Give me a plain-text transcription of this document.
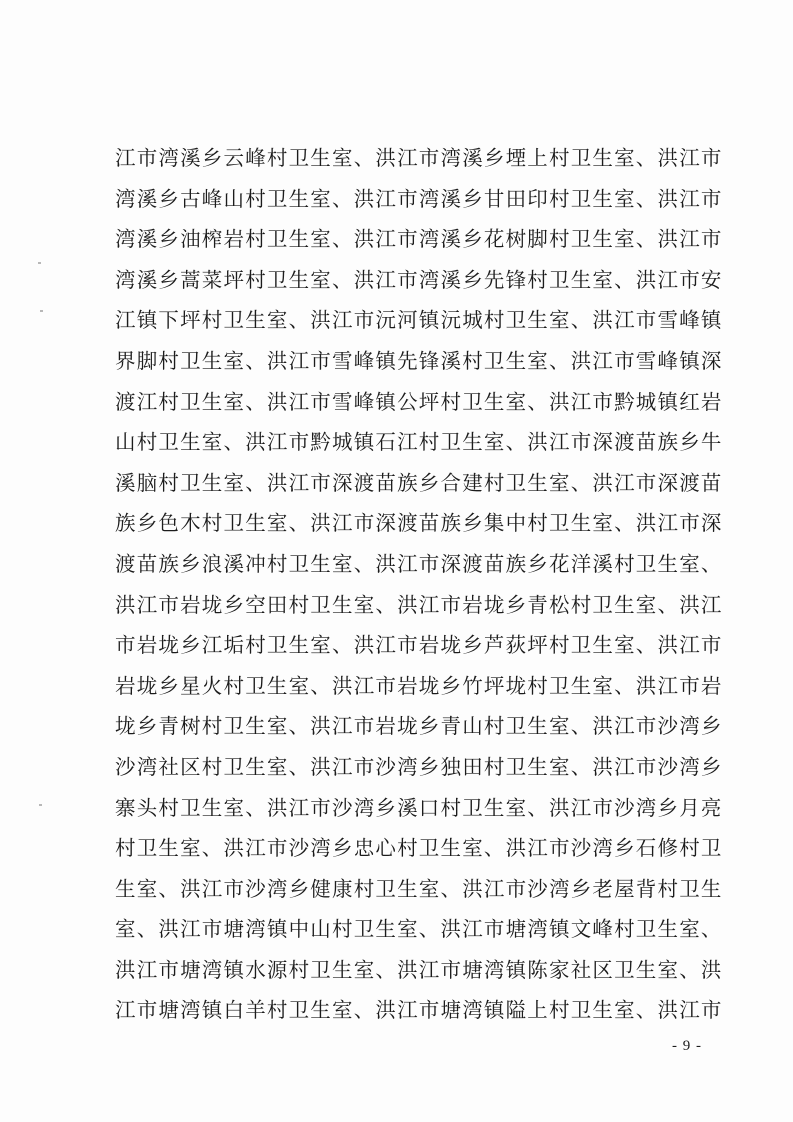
江市湾溪乡云峰村卫生室、洪江市湾溪乡堙上村卫生室、洪江市
湾溪乡古峰山村卫生室、洪江市湾溪乡甘田印村卫生室、洪江市
湾溪乡油榨岩村卫生室、洪江市湾溪乡花树脚村卫生室、洪江市
湾溪乡蒿菜坪村卫生室、洪江市湾溪乡先锋村卫生室、洪江市安
江镇下坪村卫生室、洪江市沅河镇沅城村卫生室、洪江市雪峰镇
界脚村卫生室、洪江市雪峰镇先锋溪村卫生室、洪江市雪峰镇深
渡江村卫生室、洪江市雪峰镇公坪村卫生室、洪江市黔城镇红岩
山村卫生室、洪江市黔城镇石江村卫生室、洪江市深渡苗族乡牛
溪脑村卫生室、洪江市深渡苗族乡合建村卫生室、洪江市深渡苗
族乡色木村卫生室、洪江市深渡苗族乡集中村卫生室、洪江市深
渡苗族乡浪溪冲村卫生室、洪江市深渡苗族乡花洋溪村卫生室、
洪江市岩垅乡空田村卫生室、洪江市岩垅乡青松村卫生室、洪江
市岩垅乡江垢村卫生室、洪江市岩垅乡芦荻坪村卫生室、洪江市
岩垅乡星火村卫生室、洪江市岩垅乡竹坪垅村卫生室、洪江市岩
垅乡青树村卫生室、洪江市岩垅乡青山村卫生室、洪江市沙湾乡
沙湾社区村卫生室、洪江市沙湾乡独田村卫生室、洪江市沙湾乡
寨头村卫生室、洪江市沙湾乡溪口村卫生室、洪江市沙湾乡月亮
村卫生室、洪江市沙湾乡忠心村卫生室、洪江市沙湾乡石修村卫
生室、洪江市沙湾乡健康村卫生室、洪江市沙湾乡老屋背村卫生
室、洪江市塘湾镇中山村卫生室、洪江市塘湾镇文峰村卫生室、
洪江市塘湾镇水源村卫生室、洪江市塘湾镇陈家社区卫生室、洪
江市塘湾镇白羊村卫生室、洪江市塘湾镇隘上村卫生室、洪江市
- 9 -
